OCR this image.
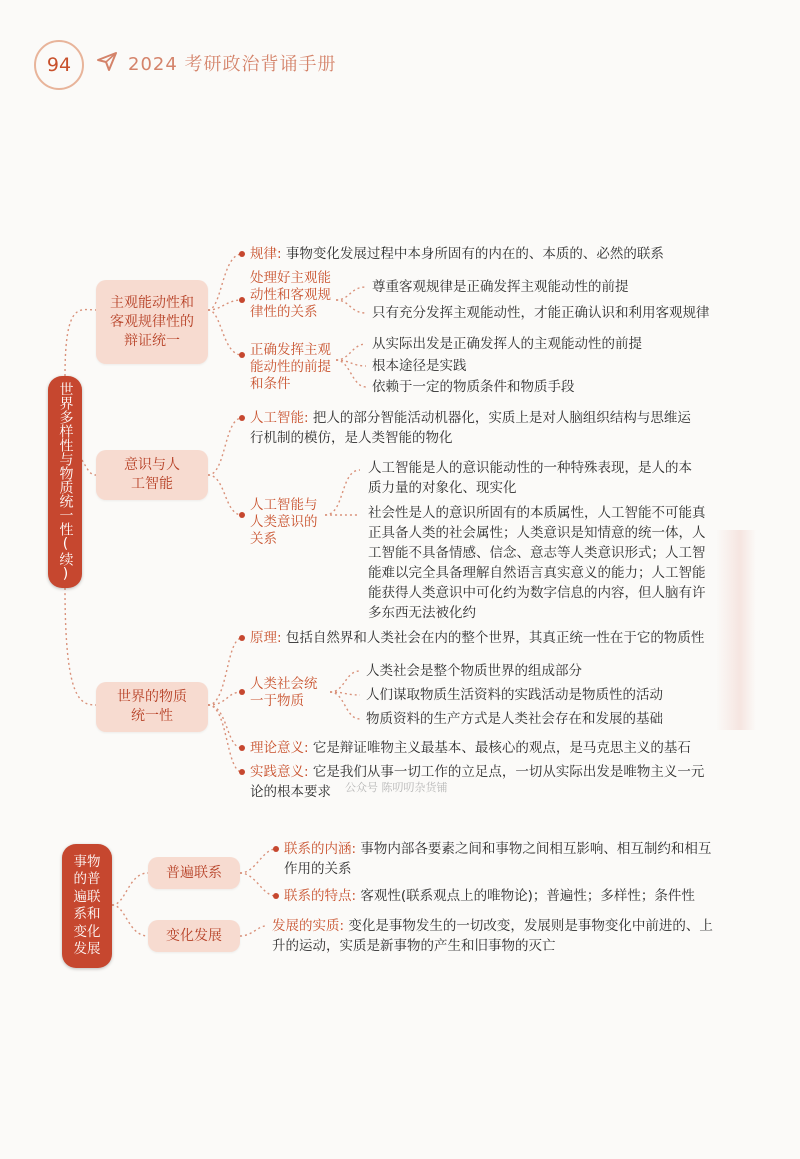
94	2024 考研政治背诵手册
世界多样性与物质统一性(续)
主观能动性和客观规律性的辩证统一
规律: 事物变化发展过程中本身所固有的内在的、本质的、必然的联系
处理好主观能动性和客观规律性的关系
尊重客观规律是正确发挥主观能动性的前提
只有充分发挥主观能动性，才能正确认识和利用客观规律
正确发挥主观能动性的前提和条件
从实际出发是正确发挥人的主观能动性的前提
根本途径是实践
依赖于一定的物质条件和物质手段
意识与人工智能
人工智能: 把人的部分智能活动机器化，实质上是对人脑组织结构与思维运行机制的模仿，是人类智能的物化
人工智能与人类意识的关系
人工智能是人的意识能动性的一种特殊表现，是人的本质力量的对象化、现实化
社会性是人的意识所固有的本质属性，人工智能不可能真正具备人类的社会属性；人类意识是知情意的统一体，人工智能不具备情感、信念、意志等人类意识形式；人工智能难以完全具备理解自然语言真实意义的能力；人工智能能获得人类意识中可化约为数字信息的内容，但人脑有许多东西无法被化约
世界的物质统一性
原理: 包括自然界和人类社会在内的整个世界，其真正统一性在于它的物质性
人类社会统一于物质
人类社会是整个物质世界的组成部分
人们谋取物质生活资料的实践活动是物质性的活动
物质资料的生产方式是人类社会存在和发展的基础
理论意义: 它是辩证唯物主义最基本、最核心的观点，是马克思主义的基石
实践意义: 它是我们从事一切工作的立足点，一切从实际出发是唯物主义一元论的根本要求	公众号 陈叨叨杂货铺
事物的普遍联系和变化发展
普遍联系
联系的内涵: 事物内部各要素之间和事物之间相互影响、相互制约和相互作用的关系
联系的特点: 客观性(联系观点上的唯物论)；普遍性；多样性；条件性
变化发展
发展的实质: 变化是事物发生的一切改变，发展则是事物变化中前进的、上升的运动，实质是新事物的产生和旧事物的灭亡
